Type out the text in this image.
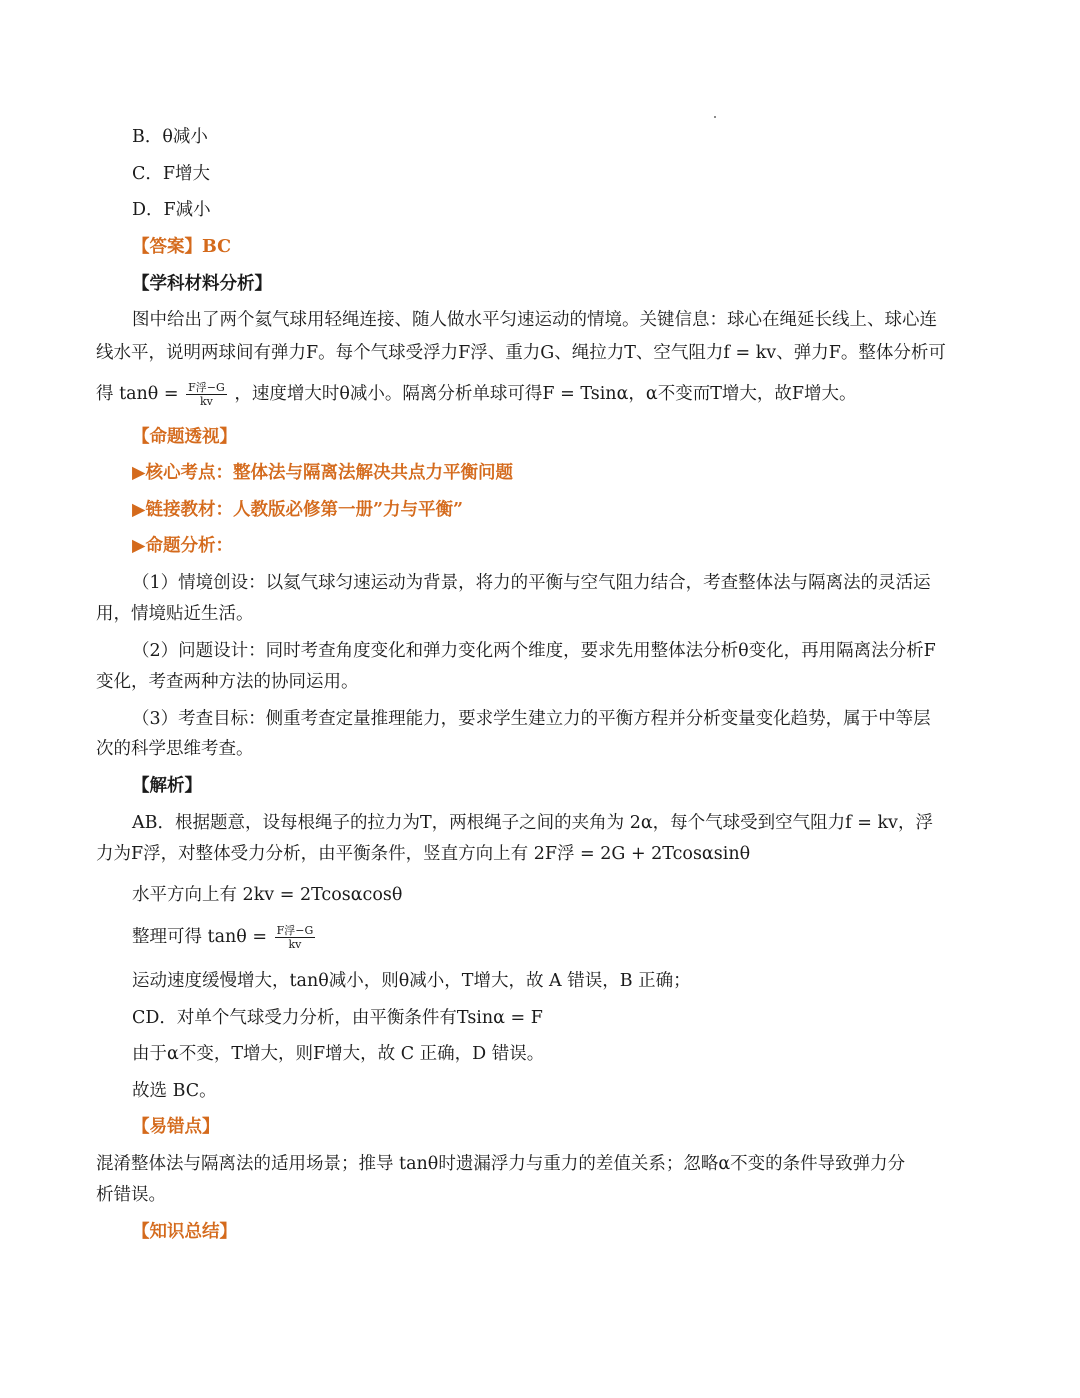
B．θ减小
C．F增大
D．F减小
【答案】BC
【学科材料分析】
图中给出了两个氦气球用轻绳连接、随人做水平匀速运动的情境。关键信息：球心在绳延长线上、球心连
线水平，说明两球间有弹力F。每个气球受浮力F浮、重力G、绳拉力T、空气阻力f = kv、弹力F。整体分析可
得 $\tan\theta = \frac{\text{F浮−G}}{kv}$ ，速度增大时θ减小。隔离分析单球可得F = Tsinα，α不变而T增大，故F增大。
【命题透视】
▶核心考点：整体法与隔离法解决共点力平衡问题
▶链接教材：人教版必修第一册”力与平衡”
▶命题分析：
（1）情境创设：以氦气球匀速运动为背景，将力的平衡与空气阻力结合，考查整体法与隔离法的灵活运
用，情境贴近生活。
（2）问题设计：同时考查角度变化和弹力变化两个维度，要求先用整体法分析θ变化，再用隔离法分析F
变化，考查两种方法的协同运用。
（3）考查目标：侧重考查定量推理能力，要求学生建立力的平衡方程并分析变量变化趋势，属于中等层
次的科学思维考查。
【解析】
AB．根据题意，设每根绳子的拉力为T，两根绳子之间的夹角为 2α，每个气球受到空气阻力f = kv，浮
力为F浮，对整体受力分析，由平衡条件，竖直方向上有 2F浮 = 2G + 2Tcosαsinθ
水平方向上有 2kv = 2Tcosαcosθ
整理可得 $\tan\theta = \frac{\text{F浮−G}}{kv}$
运动速度缓慢增大，tanθ减小，则θ减小，T增大，故 A 错误，B 正确；
CD．对单个气球受力分析，由平衡条件有Tsinα = F
由于α不变，T增大，则F增大，故 C 正确，D 错误。
故选 BC。
【易错点】
混淆整体法与隔离法的适用场景；推导 tanθ时遗漏浮力与重力的差值关系；忽略α不变的条件导致弹力分
析错误。
【知识总结】
